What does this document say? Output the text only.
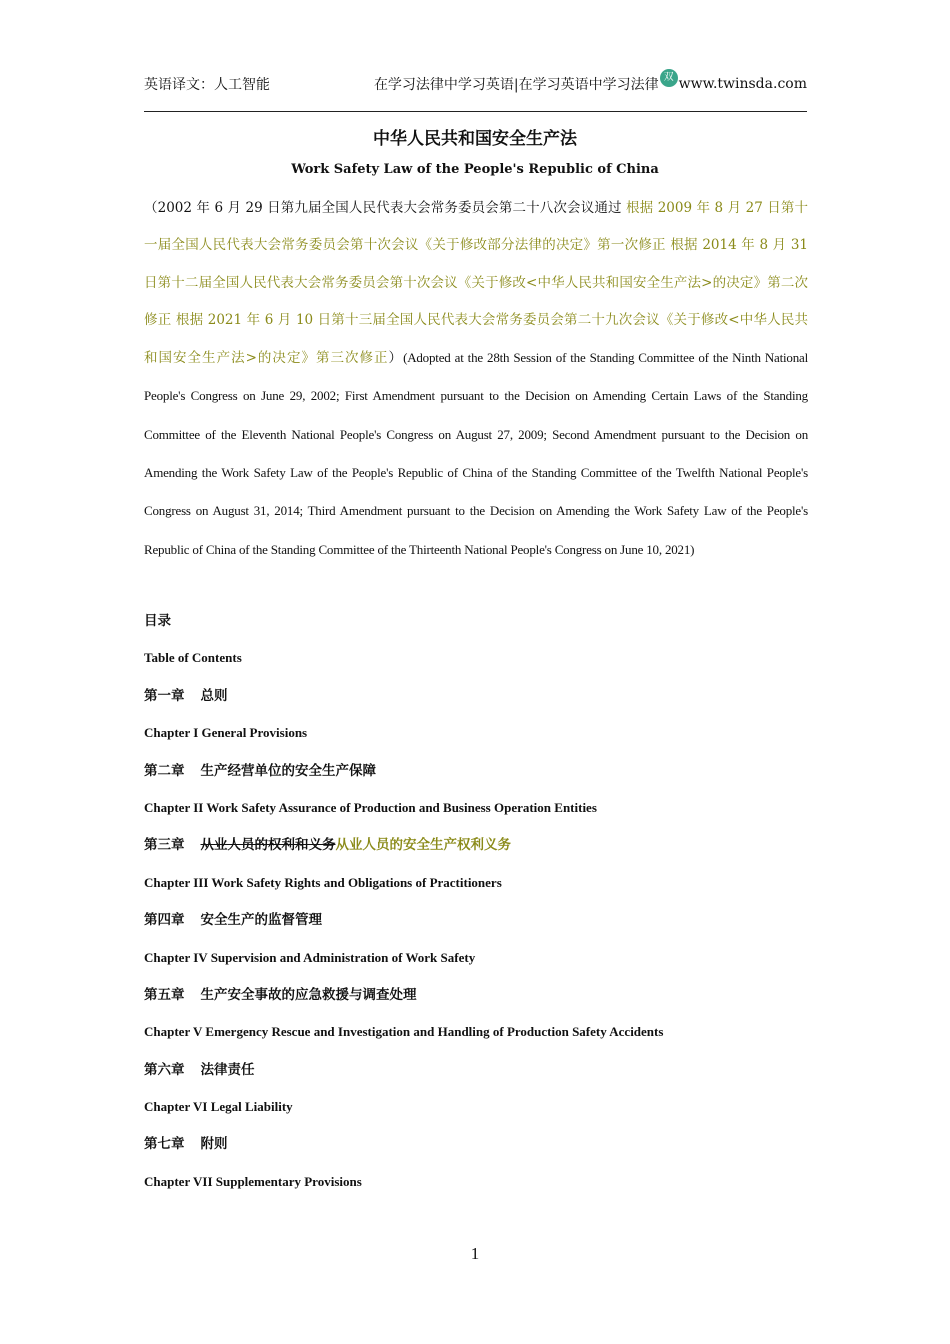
英语译文：人工智能	在学习法律中学习英语|在学习英语中学习法律 双 www.twinsda.com
中华人民共和国安全生产法
Work Safety Law of the People's Republic of China
（2002 年 6 月 29 日第九届全国人民代表大会常务委员会第二十八次会议通过 根据 2009 年 8 月 27 日第十一届全国人民代表大会常务委员会第十次会议《关于修改部分法律的决定》第一次修正 根据 2014 年 8 月 31 日第十二届全国人民代表大会常务委员会第十次会议《关于修改<中华人民共和国安全生产法>的决定》第二次修正 根据 2021 年 6 月 10 日第十三届全国人民代表大会常务委员会第二十九次会议《关于修改<中华人民共和国安全生产法>的决定》第三次修正）(Adopted at the 28th Session of the Standing Committee of the Ninth National People's Congress on June 29, 2002; First Amendment pursuant to the Decision on Amending Certain Laws of the Standing Committee of the Eleventh National People's Congress on August 27, 2009; Second Amendment pursuant to the Decision on Amending the Work Safety Law of the People's Republic of China of the Standing Committee of the Twelfth National People's Congress on August 31, 2014; Third Amendment pursuant to the Decision on Amending the Work Safety Law of the People's Republic of China of the Standing Committee of the Thirteenth National People's Congress on June 10, 2021)
目录
Table of Contents
第一章 总则
Chapter I General Provisions
第二章 生产经营单位的安全生产保障
Chapter II Work Safety Assurance of Production and Business Operation Entities
第三章 从业人员的权利和义务从业人员的安全生产权利义务
Chapter III Work Safety Rights and Obligations of Practitioners
第四章 安全生产的监督管理
Chapter IV Supervision and Administration of Work Safety
第五章 生产安全事故的应急救援与调查处理
Chapter V Emergency Rescue and Investigation and Handling of Production Safety Accidents
第六章 法律责任
Chapter VI Legal Liability
第七章 附则
Chapter VII Supplementary Provisions
1
